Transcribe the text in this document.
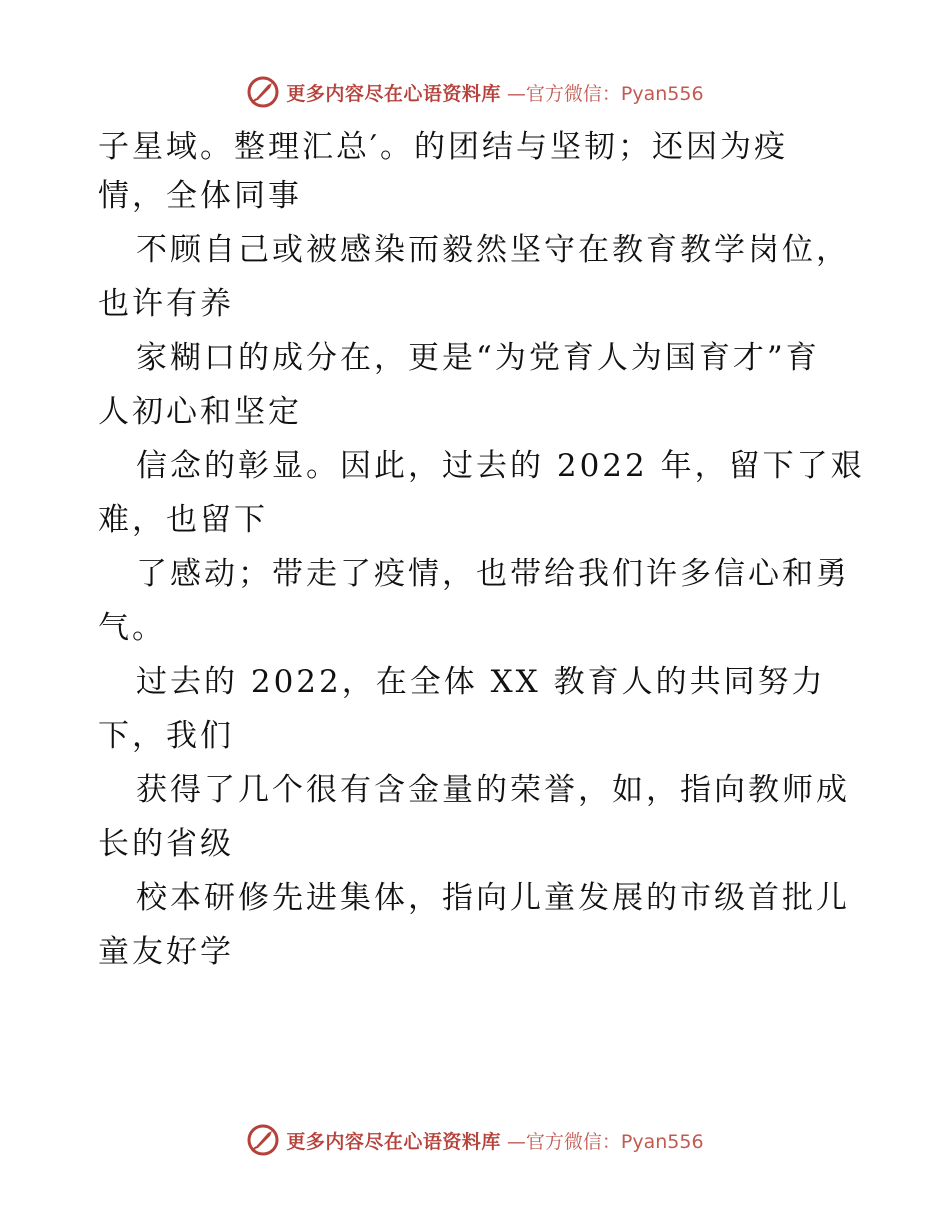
更多内容尽在心语资料库 —官方微信：Pyan556
子星域。整理汇总′。的团结与坚韧；还因为疫
情，全体同事
不顾自己或被感染而毅然坚守在教育教学岗位，
也许有养
家糊口的成分在，更是“为党育人为国育才”育
人初心和坚定
信念的彰显。因此，过去的 2022 年，留下了艰
难，也留下
了感动；带走了疫情，也带给我们许多信心和勇
气。
过去的 2022，在全体 XX 教育人的共同努力
下，我们
获得了几个很有含金量的荣誉，如，指向教师成
长的省级
校本研修先进集体，指向儿童发展的市级首批儿
童友好学
更多内容尽在心语资料库 —官方微信：Pyan556
